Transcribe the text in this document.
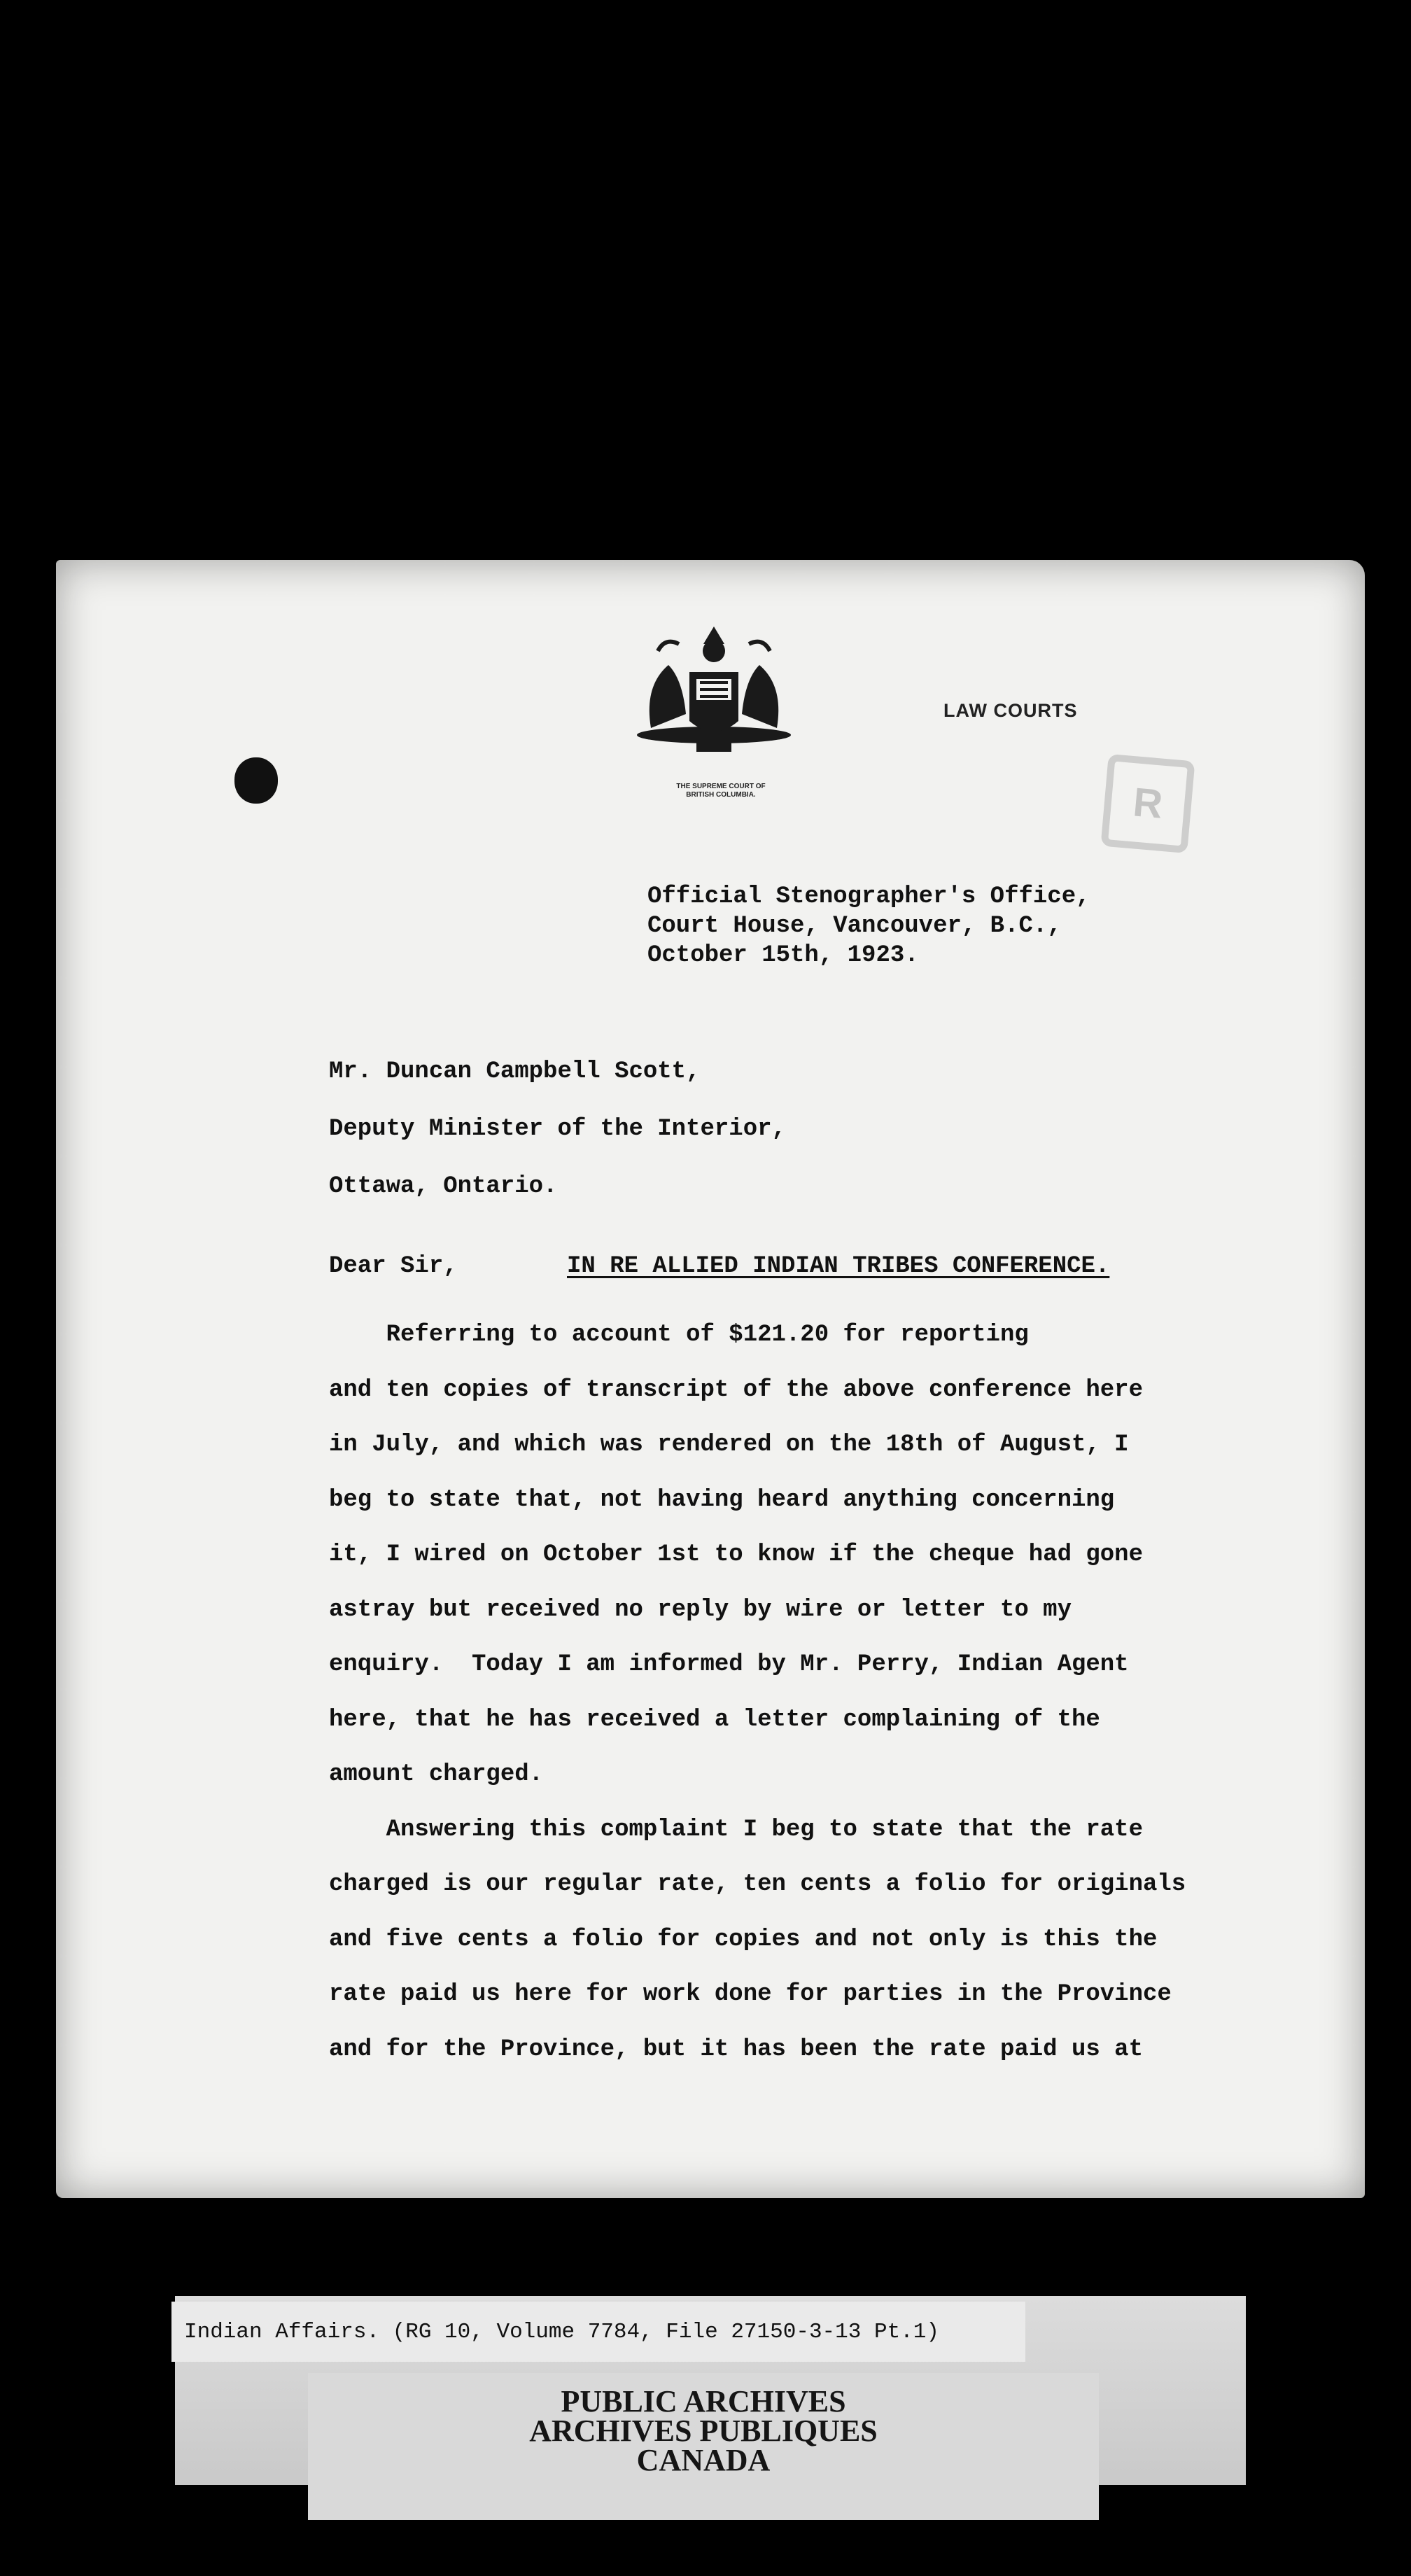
THE SUPREME COURT OF
BRITISH COLUMBIA.
LAW COURTS
R
Official Stenographer's Office,
Court House, Vancouver, B.C.,
October 15th, 1923.
Mr. Duncan Campbell Scott,
Deputy Minister of the Interior,
Ottawa, Ontario.
Dear Sir,	IN RE ALLIED INDIAN TRIBES CONFERENCE.
Referring to account of $121.20 for reporting
and ten copies of transcript of the above conference here
in July, and which was rendered on the 18th of August, I
beg to state that, not having heard anything concerning
it, I wired on October 1st to know if the cheque had gone
astray but received no reply by wire or letter to my
enquiry.  Today I am informed by Mr. Perry, Indian Agent
here, that he has received a letter complaining of the
amount charged.
Answering this complaint I beg to state that the rate
charged is our regular rate, ten cents a folio for originals
and five cents a folio for copies and not only is this the
rate paid us here for work done for parties in the Province
and for the Province, but it has been the rate paid us at
Indian Affairs. (RG 10, Volume 7784, File 27150-3-13 Pt.1)
PUBLIC ARCHIVES
ARCHIVES PUBLIQUES
CANADA
